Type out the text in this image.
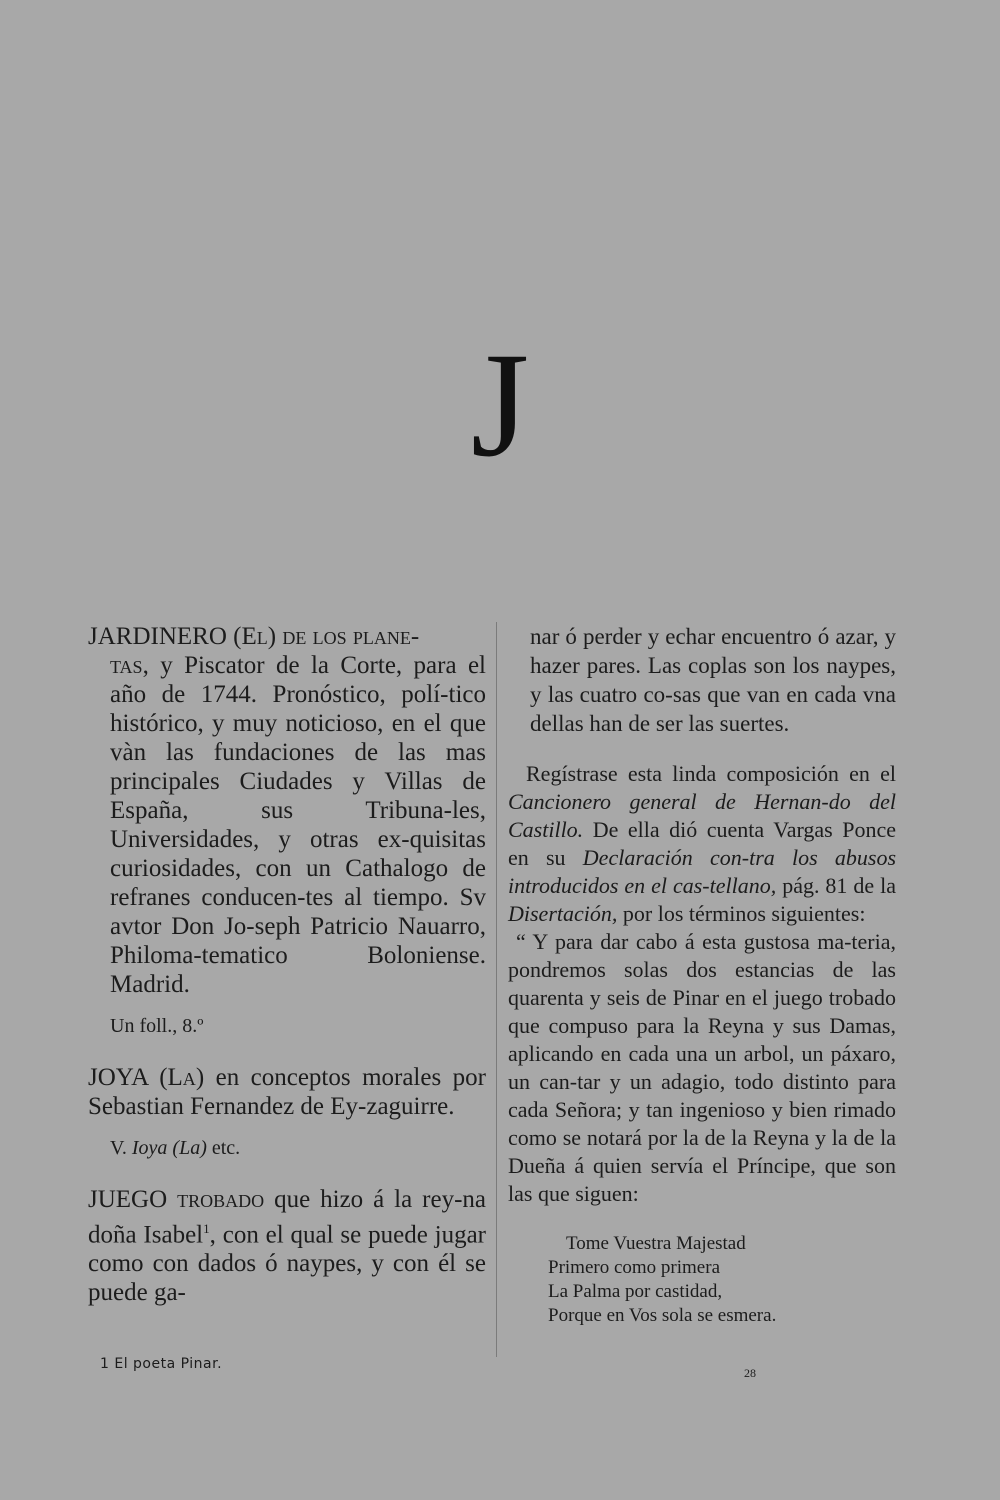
J
JARDINERO (El) de los plane-
tas, y Piscator de la Corte, para el año de 1744. Pronóstico, polí-tico histórico, y muy noticioso, en el que vàn las fundaciones de las mas principales Ciudades y Villas de España, sus Tribuna-les, Universidades, y otras ex-quisitas curiosidades, con un Cathalogo de refranes conducen-tes al tiempo. Sv avtor Don Jo-seph Patricio Nauarro, Philoma-tematico Boloniense. Madrid.
Un foll., 8.º
JOYA (La) en conceptos morales por Sebastian Fernandez de Ey-zaguirre.
V. Ioya (La) etc.
JUEGO trobado que hizo á la rey-na doña Isabel$^1$, con el qual se puede jugar como con dados ó naypes, y con él se puede ga-
1 El poeta Pinar.
nar ó perder y echar encuentro ó azar, y hazer pares. Las coplas son los naypes, y las cuatro co-sas que van en cada vna dellas han de ser las suertes.
Regístrase esta linda composición en el Cancionero general de Hernan-do del Castillo. De ella dió cuenta Vargas Ponce en su Declaración con-tra los abusos introducidos en el cas-tellano, pág. 81 de la Disertación, por los términos siguientes:
“ Y para dar cabo á esta gustosa ma-teria, pondremos solas dos estancias de las quarenta y seis de Pinar en el juego trobado que compuso para la Reyna y sus Damas, aplicando en cada una un arbol, un páxaro, un can-tar y un adagio, todo distinto para cada Señora; y tan ingenioso y bien rimado como se notará por la de la Reyna y la de la Dueña á quien servía el Príncipe, que son las que siguen:
Tome Vuestra Majestad
Primero como primera
La Palma por castidad,
Porque en Vos sola se esmera.
28
